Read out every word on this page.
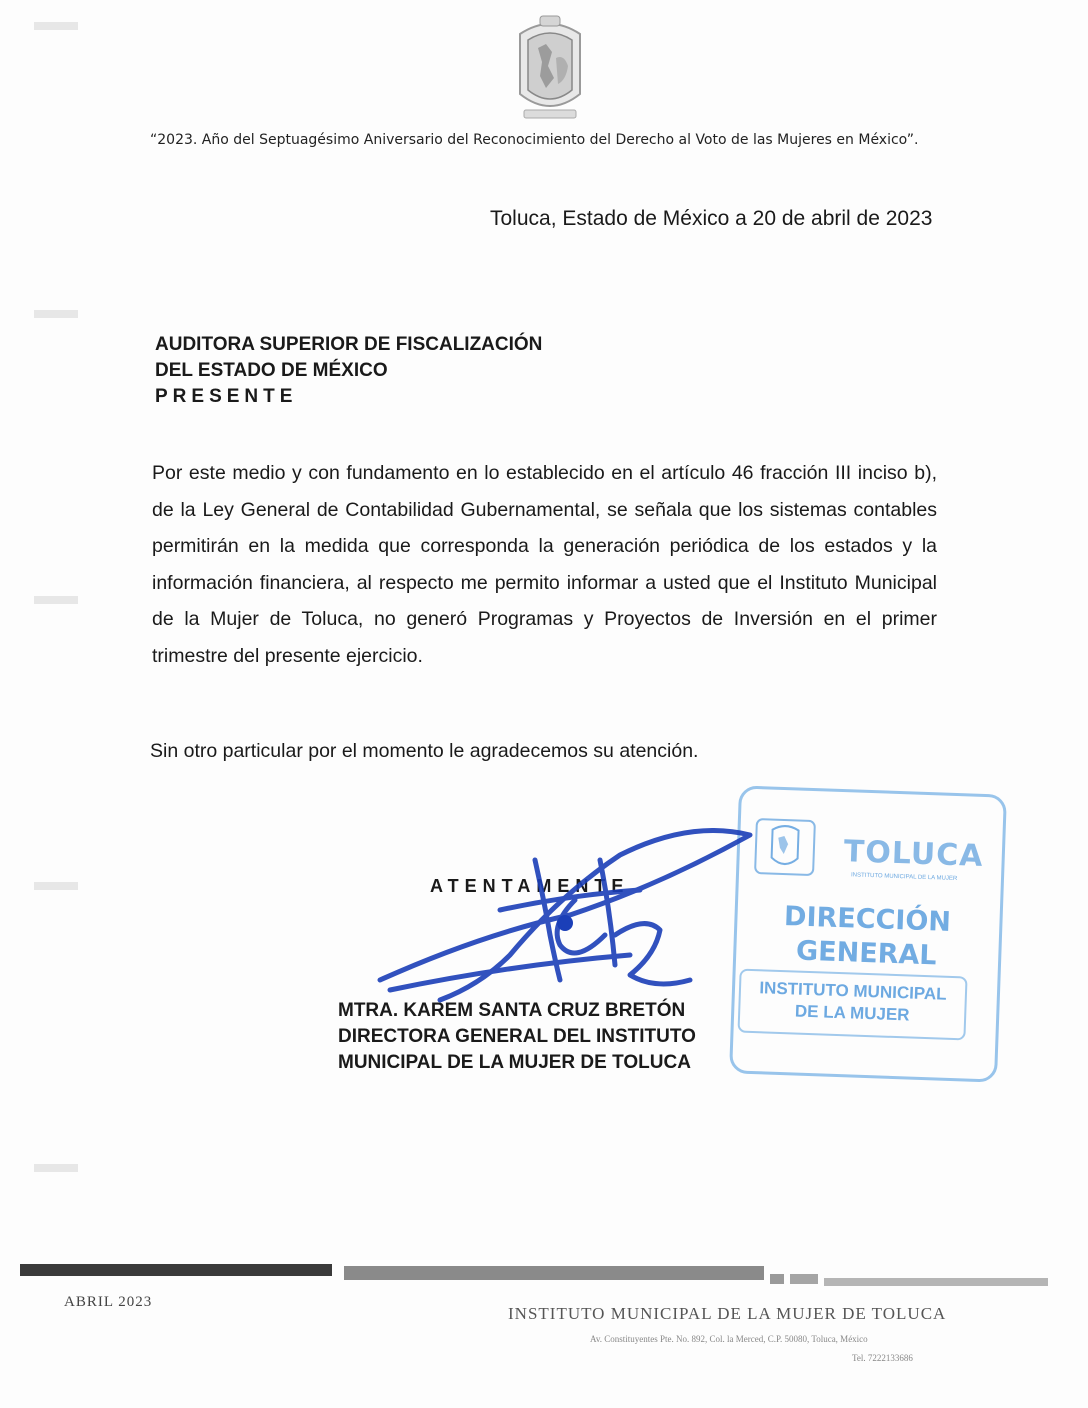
“2023. Año del Septuagésimo Aniversario del Reconocimiento del Derecho al Voto de las Mujeres en México”.
Toluca, Estado de México a 20 de abril de 2023
AUDITORA SUPERIOR DE FISCALIZACIÓN
DEL ESTADO DE MÉXICO
PRESENTE
Por este medio y con fundamento en lo establecido en el artículo 46 fracción III inciso b), de la Ley General de Contabilidad Gubernamental, se señala que los sistemas contables permitirán en la medida que corresponda la generación periódica de los estados y la información financiera, al respecto me permito informar a usted que el Instituto Municipal de la Mujer de Toluca, no generó Programas y Proyectos de Inversión en el primer trimestre del presente ejercicio.
Sin otro particular por el momento le agradecemos su atención.
TOLUCA
INSTITUTO MUNICIPAL DE LA MUJER
DIRECCIÓN
GENERAL
INSTITUTO MUNICIPAL
DE LA MUJER
ATENTAMENTE
MTRA. KAREM SANTA CRUZ BRETÓN
DIRECTORA GENERAL DEL INSTITUTO
MUNICIPAL DE LA MUJER DE TOLUCA
ABRIL 2023
INSTITUTO MUNICIPAL DE LA MUJER DE TOLUCA
Av. Constituyentes Pte. No. 892, Col. la Merced, C.P. 50080, Toluca, México
Tel. 7222133686
